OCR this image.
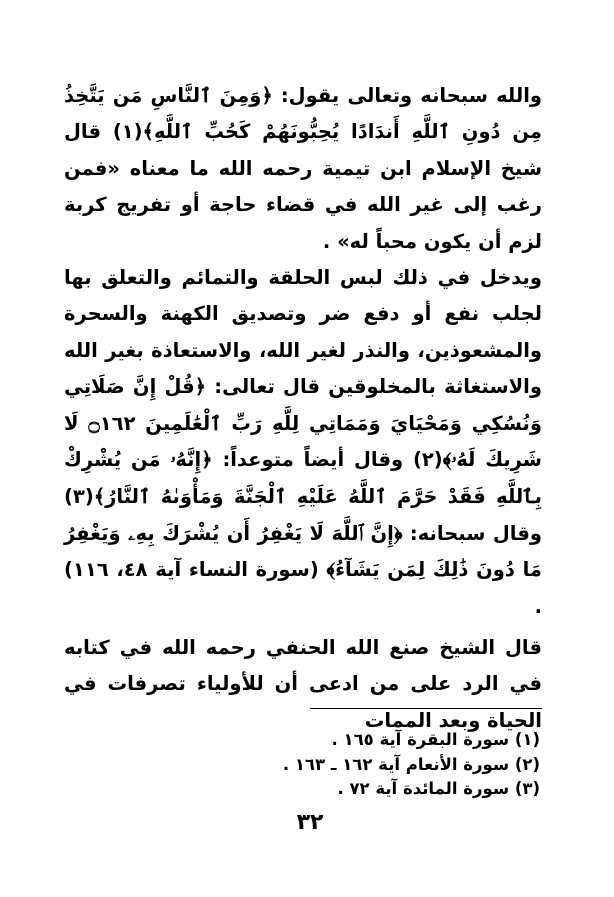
والله سبحانه وتعالى يقول: ﴿وَمِنَ ٱلنَّاسِ مَن يَتَّخِذُ مِن دُونِ ٱللَّهِ أَندَادًا يُحِبُّونَهُمْ كَحُبِّ ٱللَّهِ﴾(١) قال شيخ الإسلام ابن تيمية رحمه الله ما معناه «فمن رغب إلى غير الله في قضاء حاجة أو تفريج كربة لزم أن يكون محباً له» .

ويدخل في ذلك لبس الحلقة والتمائم والتعلق بها لجلب نفع أو دفع ضر وتصديق الكهنة والسحرة والمشعوذين، والنذر لغير الله، والاستعاذة بغير الله والاستغاثة بالمخلوقين قال تعالى: ﴿قُلْ إِنَّ صَلَاتِي وَنُسُكِي وَمَحْيَايَ وَمَمَاتِي لِلَّهِ رَبِّ ٱلْعَٰلَمِينَ ۝١٦٢ لَا شَرِيكَ لَهُۥ﴾(٢) وقال أيضاً متوعداً: ﴿إِنَّهُۥ مَن يُشْرِكْ بِٱللَّهِ فَقَدْ حَرَّمَ ٱللَّهُ عَلَيْهِ ٱلْجَنَّةَ وَمَأْوَىٰهُ ٱلنَّارُ﴾(٣) وقال سبحانه: ﴿إِنَّ ٱللَّهَ لَا يَغْفِرُ أَن يُشْرَكَ بِهِۦ وَيَغْفِرُ مَا دُونَ ذَٰلِكَ لِمَن يَشَآءُ﴾ (سورة النساء آية ٤٨، ١١٦) .

قال الشيخ صنع الله الحنفي رحمه الله في كتابه في الرد على من ادعى أن للأولياء تصرفات في الحياة وبعد الممات

(١) سورة البقرة آية ١٦٥ .
(٢) سورة الأنعام آية ١٦٢ ـ ١٦٣ .
(٣) سورة المائدة آية ٧٢ .
٣٢
